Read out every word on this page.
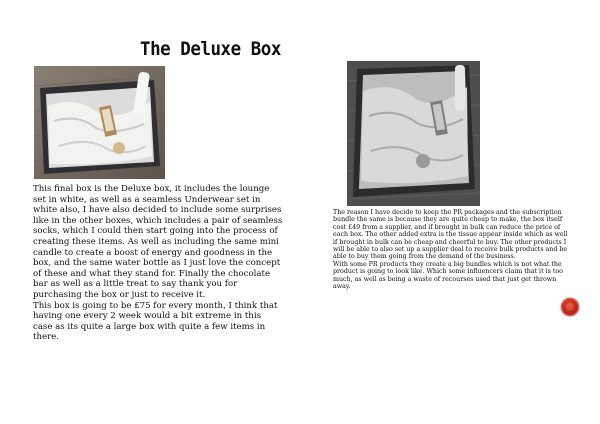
The Deluxe Box

This final box is the Deluxe box, it includes the lounge set in white, as well as a seamless Underwear set in white also, I have also decided to include some surprises like in the other boxes, which includes a pair of seamless socks, which I could then start going into the process of creating these items. As well as including the same mini candle to create a boost of energy and goodness in the box, and the same water bottle as I just love the concept of these and what they stand for. Finally the chocolate bar as well as a little treat to say thank you for purchasing the box or just to receive it.

This box is going to be £75 for every month, I think that having one every 2 week would a bit extreme in this case as its quite a large box with quite a few items in there.

The reason I have decide to keep the PR packages and the subscription bundle the same is because they are quite cheap to make, the box itself cost £49 from a supplier, and if brought in bulk can reduce the price of each box. The other added extra is the tissue appear inside which as well if brought in bulk can be cheap and cheerful to buy. The other products I will be able to also set up a supplier deal to receive bulk products and be able to buy them going from the demand of the business.

With some PR products they create a big bundles which is not what the product is going to look like. Which some influencers claim that it is too much, as well as being a waste of recourses used that just get thrown away.
